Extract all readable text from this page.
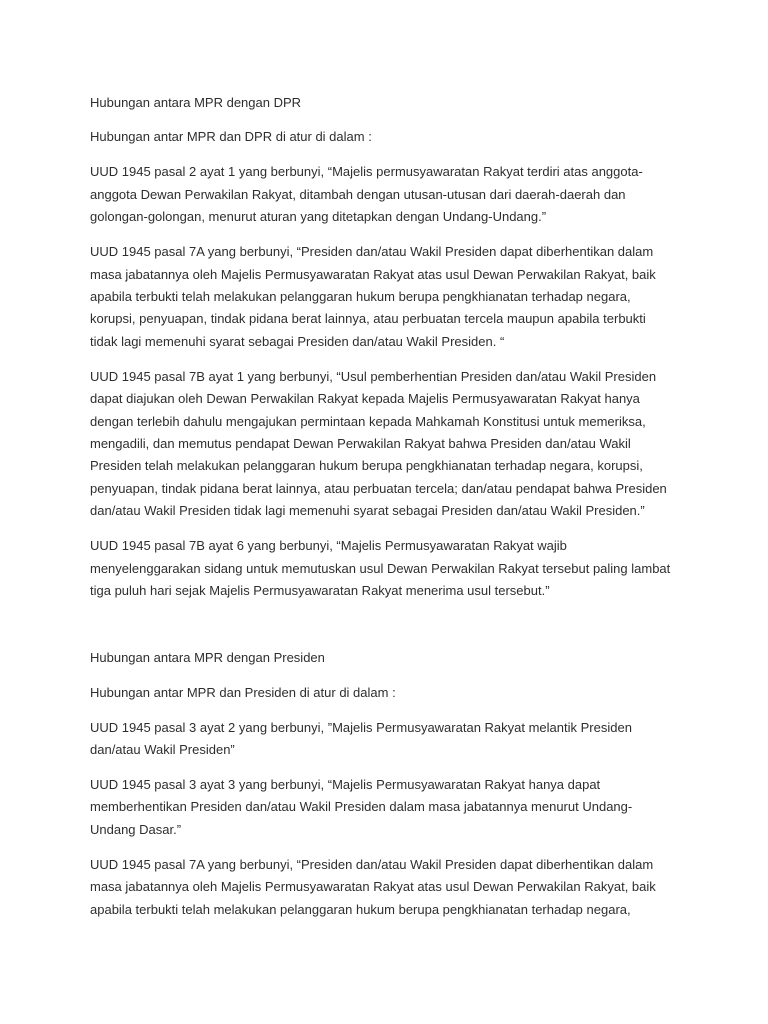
Hubungan antara MPR dengan DPR

Hubungan antar MPR dan DPR di atur di dalam :

UUD 1945 pasal 2 ayat 1 yang berbunyi, “Majelis permusyawaratan Rakyat terdiri atas anggota-
anggota Dewan Perwakilan Rakyat, ditambah dengan utusan-utusan dari daerah-daerah dan
golongan-golongan, menurut aturan yang ditetapkan dengan Undang-Undang.”

UUD 1945 pasal 7A yang berbunyi, “Presiden dan/atau Wakil Presiden dapat diberhentikan dalam
masa jabatannya oleh Majelis Permusyawaratan Rakyat atas usul Dewan Perwakilan Rakyat, baik
apabila terbukti telah melakukan pelanggaran hukum berupa pengkhianatan terhadap negara,
korupsi, penyuapan, tindak pidana berat lainnya, atau perbuatan tercela maupun apabila terbukti
tidak lagi memenuhi syarat sebagai Presiden dan/atau Wakil Presiden. “

UUD 1945 pasal 7B ayat 1 yang berbunyi, “Usul pemberhentian Presiden dan/atau Wakil Presiden
dapat diajukan oleh Dewan Perwakilan Rakyat kepada Majelis Permusyawaratan Rakyat hanya
dengan terlebih dahulu mengajukan permintaan kepada Mahkamah Konstitusi untuk memeriksa,
mengadili, dan memutus pendapat Dewan Perwakilan Rakyat bahwa Presiden dan/atau Wakil
Presiden telah melakukan pelanggaran hukum berupa pengkhianatan terhadap negara, korupsi,
penyuapan, tindak pidana berat lainnya, atau perbuatan tercela; dan/atau pendapat bahwa Presiden
dan/atau Wakil Presiden tidak lagi memenuhi syarat sebagai Presiden dan/atau Wakil Presiden.”

UUD 1945 pasal 7B ayat 6 yang berbunyi, “Majelis Permusyawaratan Rakyat wajib
menyelenggarakan sidang untuk memutuskan usul Dewan Perwakilan Rakyat tersebut paling lambat
tiga puluh hari sejak Majelis Permusyawaratan Rakyat menerima usul tersebut.”

Hubungan antara MPR dengan Presiden

Hubungan antar MPR dan Presiden di atur di dalam :

UUD 1945 pasal 3 ayat 2 yang berbunyi, ”Majelis Permusyawaratan Rakyat melantik Presiden
dan/atau Wakil Presiden”

UUD 1945 pasal 3 ayat 3 yang berbunyi, “Majelis Permusyawaratan Rakyat hanya dapat
memberhentikan Presiden dan/atau Wakil Presiden dalam masa jabatannya menurut Undang-
Undang Dasar.”

UUD 1945 pasal 7A yang berbunyi, “Presiden dan/atau Wakil Presiden dapat diberhentikan dalam
masa jabatannya oleh Majelis Permusyawaratan Rakyat atas usul Dewan Perwakilan Rakyat, baik
apabila terbukti telah melakukan pelanggaran hukum berupa pengkhianatan terhadap negara,
